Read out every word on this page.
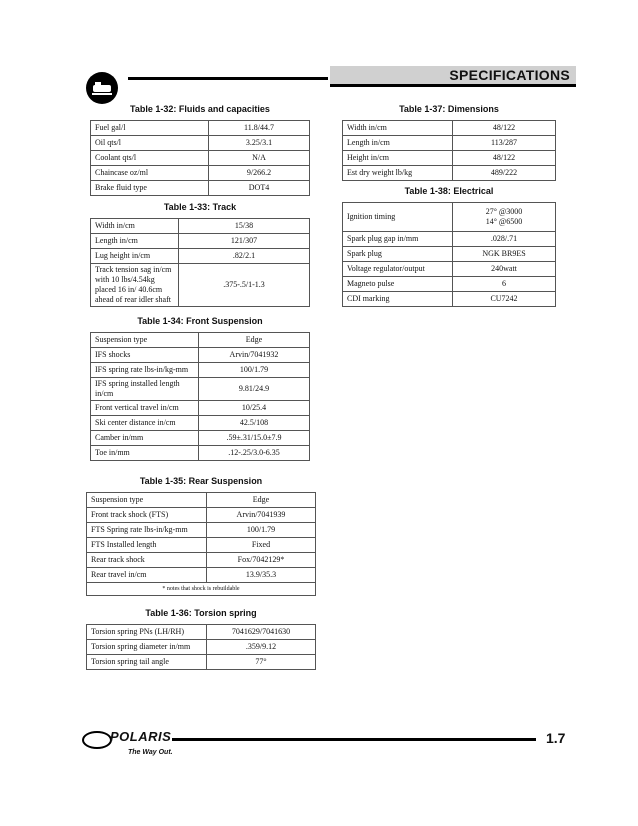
SPECIFICATIONS
Table 1-32: Fluids and capacities
Fuel gal/l	11.8/44.7
Oil qts/l	3.25/3.1
Coolant qts/l	N/A
Chaincase oz/ml	9/266.2
Brake fluid type	DOT4
Table 1-33: Track
Width in/cm	15/38
Length in/cm	121/307
Lug height in/cm	.82/2.1
Track tension sag in/cm with 10 lbs/4.54kg placed 16 in/ 40.6cm ahead of rear idler shaft	.375-.5/1-1.3
Table 1-34: Front Suspension
Suspension type	Edge
IFS shocks	Arvin/7041932
IFS spring rate lbs-in/kg-mm	100/1.79
IFS spring installed length in/cm	9.81/24.9
Front vertical travel in/cm	10/25.4
Ski center distance in/cm	42.5/108
Camber in/mm	.59±.31/15.0±7.9
Toe in/mm	.12-.25/3.0-6.35
Table 1-35: Rear Suspension
Suspension type	Edge
Front track shock (FTS)	Arvin/7041939
FTS Spring rate lbs-in/kg-mm	100/1.79
FTS Installed length	Fixed
Rear track shock	Fox/7042129*
Rear travel in/cm	13.9/35.3
* notes that shock is rebuildable	
Table 1-36: Torsion spring
Torsion spring PNs (LH/RH)	7041629/7041630
Torsion spring diameter in/mm	.359/9.12
Torsion spring tail angle	77°
Table 1-37: Dimensions
Width in/cm	48/122
Length in/cm	113/287
Height in/cm	48/122
Est dry weight lb/kg	489/222
Table 1-38: Electrical
Ignition timing	27° @3000
14° @6500

Spark plug gap in/mm	.028/.71
Spark plug	NGK BR9ES
Voltage regulator/output	240watt
Magneto pulse	6
CDI marking	CU7242
POLARIS
The Way Out.
1.7
